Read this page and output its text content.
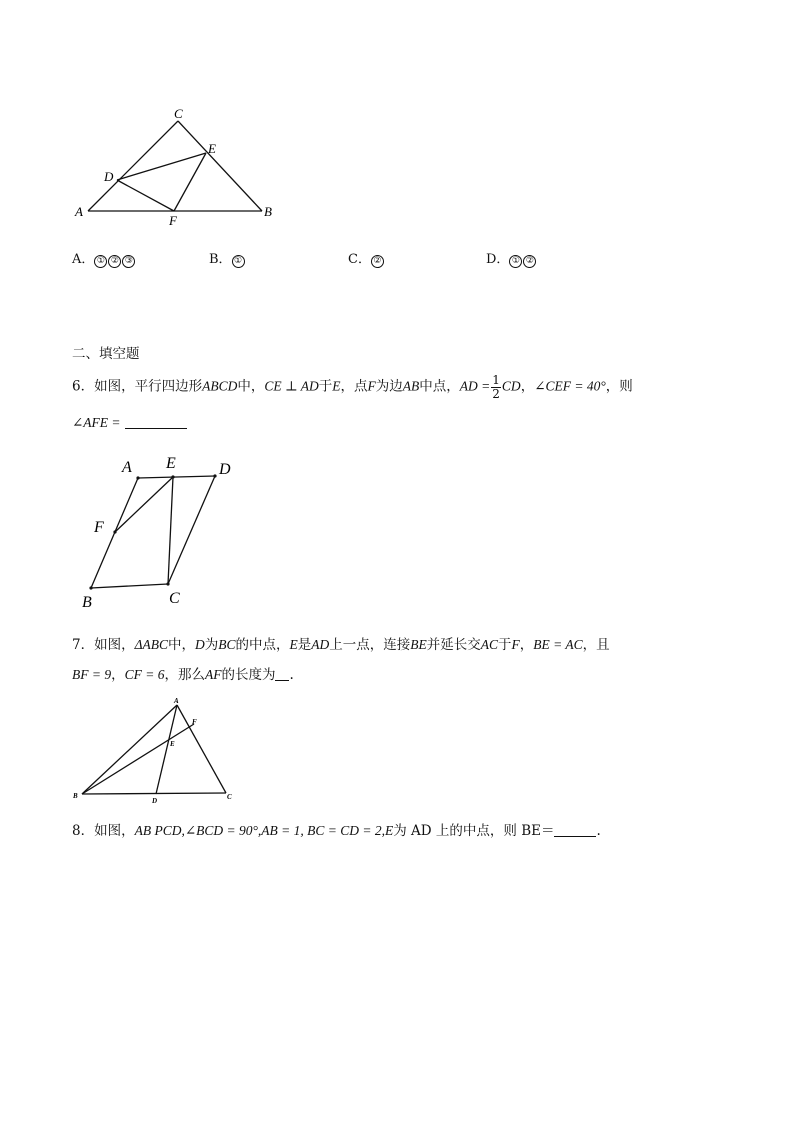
A	B
C
D
E
F
A． ① ② ③	B． ①	C． ②	D． ① ②
二、填空题
6．如图，平行四边形ABCD中，CE ⊥ AD于E，点F为边AB中点，AD = $\frac{1}{2}$ CD，∠CEF = 40°，则
∠AFE =
A E	D
F
B	C
7．如图，ΔABC中，D为BC的中点，E是AD上一点，连接BE并延长交AC于F，BE = AC，且
BF = 9，CF = 6，那么AF的长度为 .
A
F
E
B
D	C
8．如图，AB PCD,∠BCD = 90°,AB = 1, BC = CD = 2,E为 AD 上的中点，则 BE＝	.
